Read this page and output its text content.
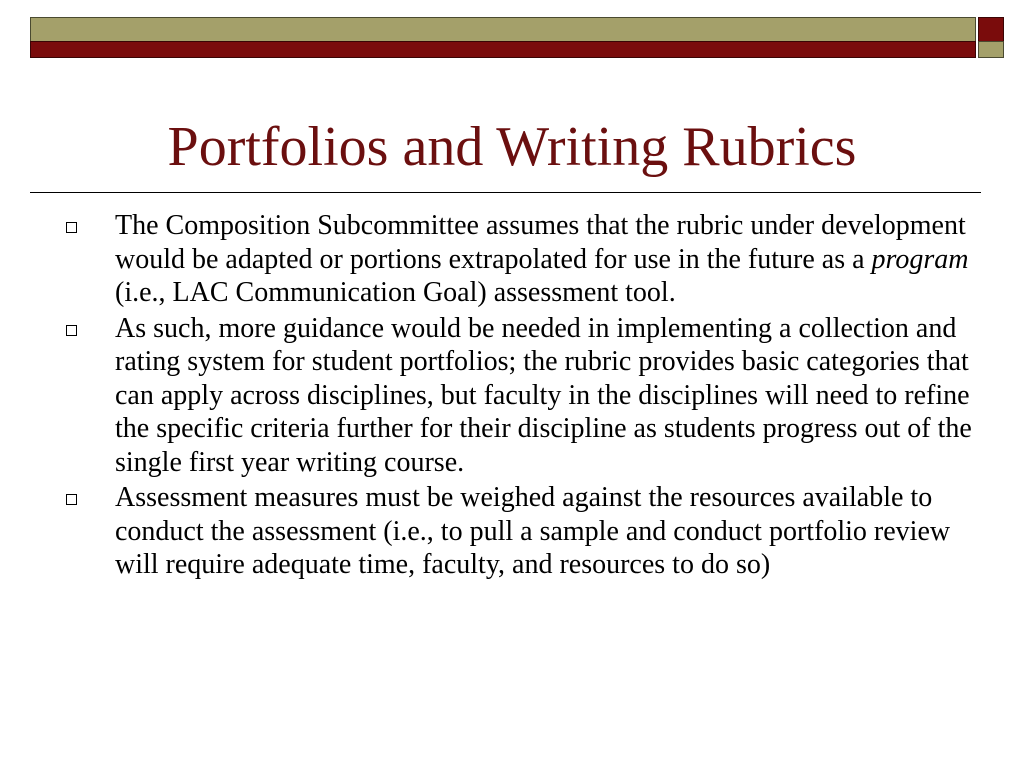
Portfolios and Writing Rubrics
The Composition Subcommittee assumes that the rubric under development would be adapted or portions extrapolated for use in the future as a program (i.e., LAC Communication Goal) assessment tool.
As such, more guidance would be needed in implementing a collection and rating system for student portfolios; the rubric provides basic categories that can apply across disciplines, but faculty in the disciplines will need to refine the specific criteria further for their discipline as students progress out of the single first year writing course.
Assessment measures must be weighed against the resources available to conduct the assessment (i.e., to pull a sample and conduct portfolio review will require adequate time, faculty, and resources to do so)
